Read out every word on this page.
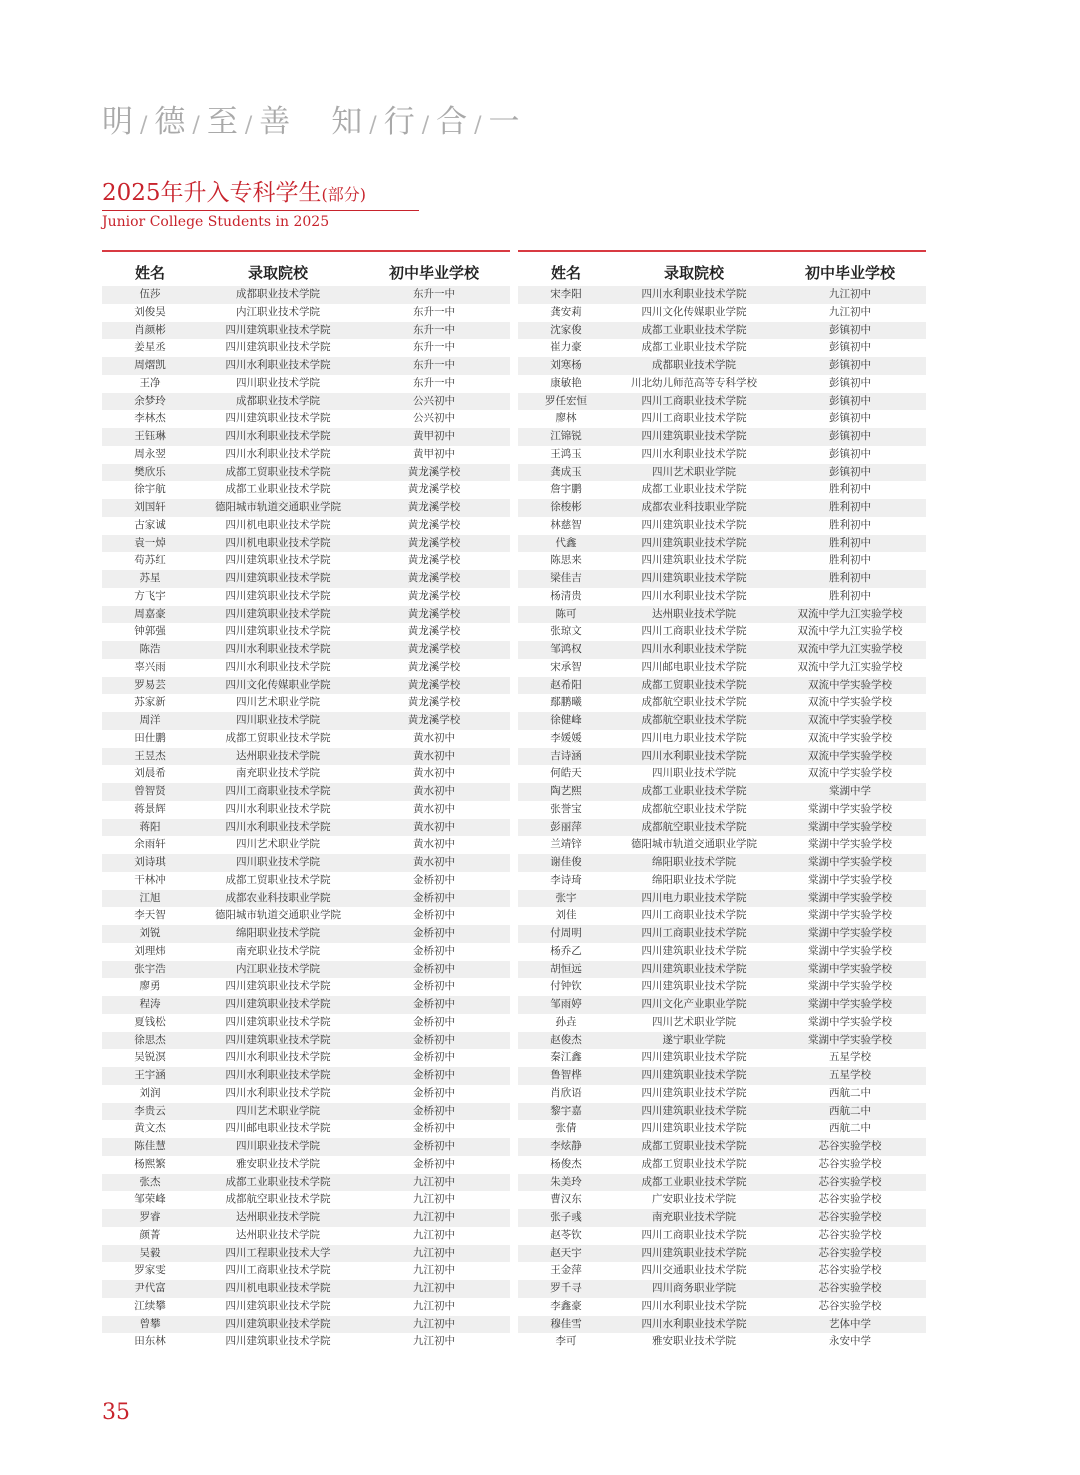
明 / 德 / 至 / 善 知 / 行 / 合 / 一
2025年升入专科学生(部分)
Junior College Students in 2025
姓名	录取院校	初中毕业学校
伍莎	成都职业技术学院	东升一中
刘俊昊	内江职业技术学院	东升一中
肖颜彬	四川建筑职业技术学院	东升一中
姜星丞	四川建筑职业技术学院	东升一中
周熠凯	四川水利职业技术学院	东升一中
王净	四川职业技术学院	东升一中
余梦玲	成都职业技术学院	公兴初中
李林杰	四川建筑职业技术学院	公兴初中
王钰琳	四川水利职业技术学院	黄甲初中
周永翌	四川水利职业技术学院	黄甲初中
樊欣乐	成都工贸职业技术学院	黄龙溪学校
徐宇航	成都工业职业技术学院	黄龙溪学校
刘国轩	德阳城市轨道交通职业学院	黄龙溪学校
古家诚	四川机电职业技术学院	黄龙溪学校
袁一焯	四川机电职业技术学院	黄龙溪学校
苟苏红	四川建筑职业技术学院	黄龙溪学校
苏星	四川建筑职业技术学院	黄龙溪学校
方飞宇	四川建筑职业技术学院	黄龙溪学校
周嘉豪	四川建筑职业技术学院	黄龙溪学校
钟郭强	四川建筑职业技术学院	黄龙溪学校
陈浩	四川水利职业技术学院	黄龙溪学校
辜兴雨	四川水利职业技术学院	黄龙溪学校
罗易芸	四川文化传媒职业学院	黄龙溪学校
苏家新	四川艺术职业学院	黄龙溪学校
周洋	四川职业技术学院	黄龙溪学校
田仕鹏	成都工贸职业技术学院	黄水初中
王昱杰	达州职业技术学院	黄水初中
刘晨希	南充职业技术学院	黄水初中
曾智贤	四川工商职业技术学院	黄水初中
蒋景辉	四川水利职业技术学院	黄水初中
蒋阳	四川水利职业技术学院	黄水初中
余雨轩	四川艺术职业学院	黄水初中
刘诗琪	四川职业技术学院	黄水初中
干林冲	成都工贸职业技术学院	金桥初中
江旭	成都农业科技职业学院	金桥初中
李天智	德阳城市轨道交通职业学院	金桥初中
刘锐	绵阳职业技术学院	金桥初中
刘理炜	南充职业技术学院	金桥初中
张宇浩	内江职业技术学院	金桥初中
廖勇	四川建筑职业技术学院	金桥初中
程涛	四川建筑职业技术学院	金桥初中
夏钱松	四川建筑职业技术学院	金桥初中
徐思杰	四川建筑职业技术学院	金桥初中
吴锐溟	四川水利职业技术学院	金桥初中
王宇涵	四川水利职业技术学院	金桥初中
刘润	四川水利职业技术学院	金桥初中
李贵云	四川艺术职业学院	金桥初中
黄文杰	四川邮电职业技术学院	金桥初中
陈佳慧	四川职业技术学院	金桥初中
杨熙繁	雅安职业技术学院	金桥初中
张杰	成都工业职业技术学院	九江初中
邹荣峰	成都航空职业技术学院	九江初中
罗睿	达州职业技术学院	九江初中
颜菁	达州职业技术学院	九江初中
吴毅	四川工程职业技术大学	九江初中
罗家雯	四川工商职业技术学院	九江初中
尹代富	四川机电职业技术学院	九江初中
江续攀	四川建筑职业技术学院	九江初中
曾攀	四川建筑职业技术学院	九江初中
田东林	四川建筑职业技术学院	九江初中
姓名	录取院校	初中毕业学校
宋李阳	四川水利职业技术学院	九江初中
龚安莉	四川文化传媒职业学院	九江初中
沈家俊	成都工业职业技术学院	彭镇初中
崔力豪	成都工业职业技术学院	彭镇初中
刘寒杨	成都职业技术学院	彭镇初中
康敏艳	川北幼儿师范高等专科学校	彭镇初中
罗任宏恒	四川工商职业技术学院	彭镇初中
廖林	四川工商职业技术学院	彭镇初中
江锦锐	四川建筑职业技术学院	彭镇初中
王鸿玉	四川水利职业技术学院	彭镇初中
龚成玉	四川艺术职业学院	彭镇初中
詹宇鹏	成都工业职业技术学院	胜利初中
徐梭彬	成都农业科技职业学院	胜利初中
林慈智	四川建筑职业技术学院	胜利初中
代鑫	四川建筑职业技术学院	胜利初中
陈思来	四川建筑职业技术学院	胜利初中
梁佳吉	四川建筑职业技术学院	胜利初中
杨清贵	四川水利职业技术学院	胜利初中
陈可	达州职业技术学院	双流中学九江实验学校
张琼文	四川工商职业技术学院	双流中学九江实验学校
邹鸿权	四川水利职业技术学院	双流中学九江实验学校
宋承智	四川邮电职业技术学院	双流中学九江实验学校
赵希阳	成都工贸职业技术学院	双流中学实验学校
鄢鹏曦	成都航空职业技术学院	双流中学实验学校
徐健峰	成都航空职业技术学院	双流中学实验学校
李媛媛	四川电力职业技术学院	双流中学实验学校
吉诗涵	四川水利职业技术学院	双流中学实验学校
何皓天	四川职业技术学院	双流中学实验学校
陶艺熙	成都工业职业技术学院	棠湖中学
张誉宝	成都航空职业技术学院	棠湖中学实验学校
彭丽萍	成都航空职业技术学院	棠湖中学实验学校
兰靖锌	德阳城市轨道交通职业学院	棠湖中学实验学校
谢佳俊	绵阳职业技术学院	棠湖中学实验学校
李诗琦	绵阳职业技术学院	棠湖中学实验学校
张宇	四川电力职业技术学院	棠湖中学实验学校
刘佳	四川工商职业技术学院	棠湖中学实验学校
付周明	四川工商职业技术学院	棠湖中学实验学校
杨乔乙	四川建筑职业技术学院	棠湖中学实验学校
胡恒远	四川建筑职业技术学院	棠湖中学实验学校
付钟钦	四川建筑职业技术学院	棠湖中学实验学校
邹雨婷	四川文化产业职业学院	棠湖中学实验学校
孙垚	四川艺术职业学院	棠湖中学实验学校
赵俊杰	遂宁职业学院	棠湖中学实验学校
秦江鑫	四川建筑职业技术学院	五星学校
鲁智桦	四川建筑职业技术学院	五星学校
肖欣语	四川建筑职业技术学院	西航二中
黎宇嘉	四川建筑职业技术学院	西航二中
张倩	四川建筑职业技术学院	西航二中
李炫静	成都工贸职业技术学院	芯谷实验学校
杨俊杰	成都工贸职业技术学院	芯谷实验学校
朱美玲	成都工业职业技术学院	芯谷实验学校
曹汉东	广安职业技术学院	芯谷实验学校
张子彧	南充职业技术学院	芯谷实验学校
赵苓钦	四川工商职业技术学院	芯谷实验学校
赵天宇	四川建筑职业技术学院	芯谷实验学校
王金萍	四川交通职业技术学院	芯谷实验学校
罗千寻	四川商务职业学院	芯谷实验学校
李鑫豪	四川水利职业技术学院	芯谷实验学校
穆佳雪	四川水利职业技术学院	艺体中学
李可	雅安职业技术学院	永安中学
35
